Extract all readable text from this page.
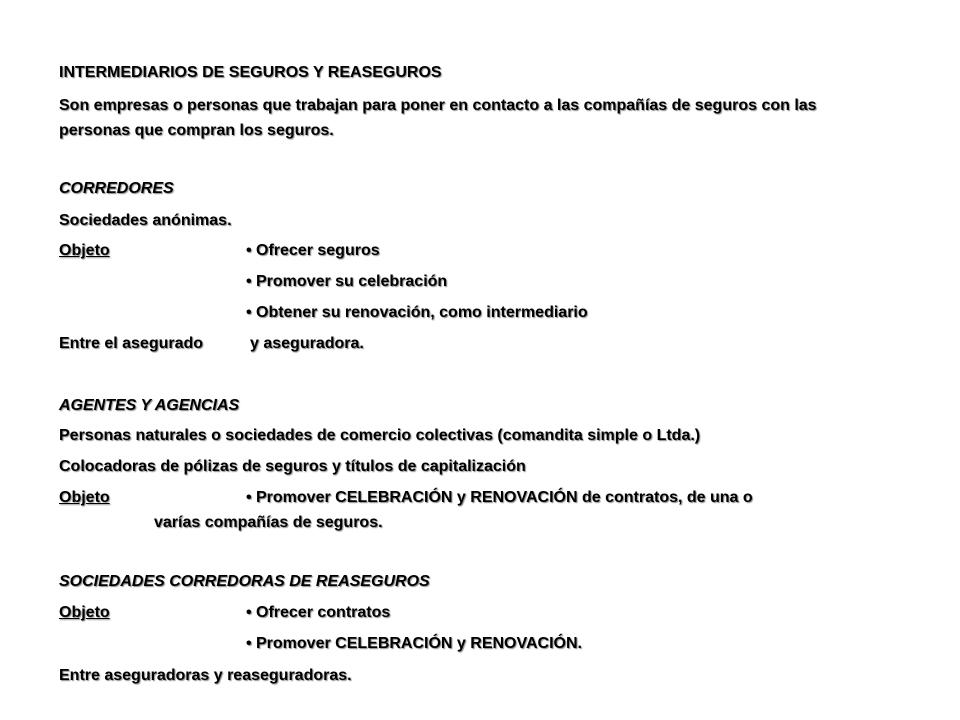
INTERMEDIARIOS DE SEGUROS Y REASEGUROS
Son empresas o personas que trabajan para poner en contacto a las compañías de seguros con las
personas que compran los seguros.
CORREDORES
Sociedades anónimas.
Objeto	• Ofrecer seguros
• Promover su celebración
• Obtener su renovación, como intermediario
Entre el asegurado	y aseguradora.
AGENTES Y AGENCIAS
Personas naturales o sociedades de comercio colectivas (comandita simple o Ltda.)
Colocadoras de pólizas de seguros y títulos de capitalización
Objeto	• Promover CELEBRACIÓN y RENOVACIÓN de contratos, de una o
varías compañías de seguros.
SOCIEDADES CORREDORAS DE REASEGUROS
Objeto	• Ofrecer contratos
• Promover CELEBRACIÓN y RENOVACIÓN.
Entre aseguradoras y reaseguradoras.
